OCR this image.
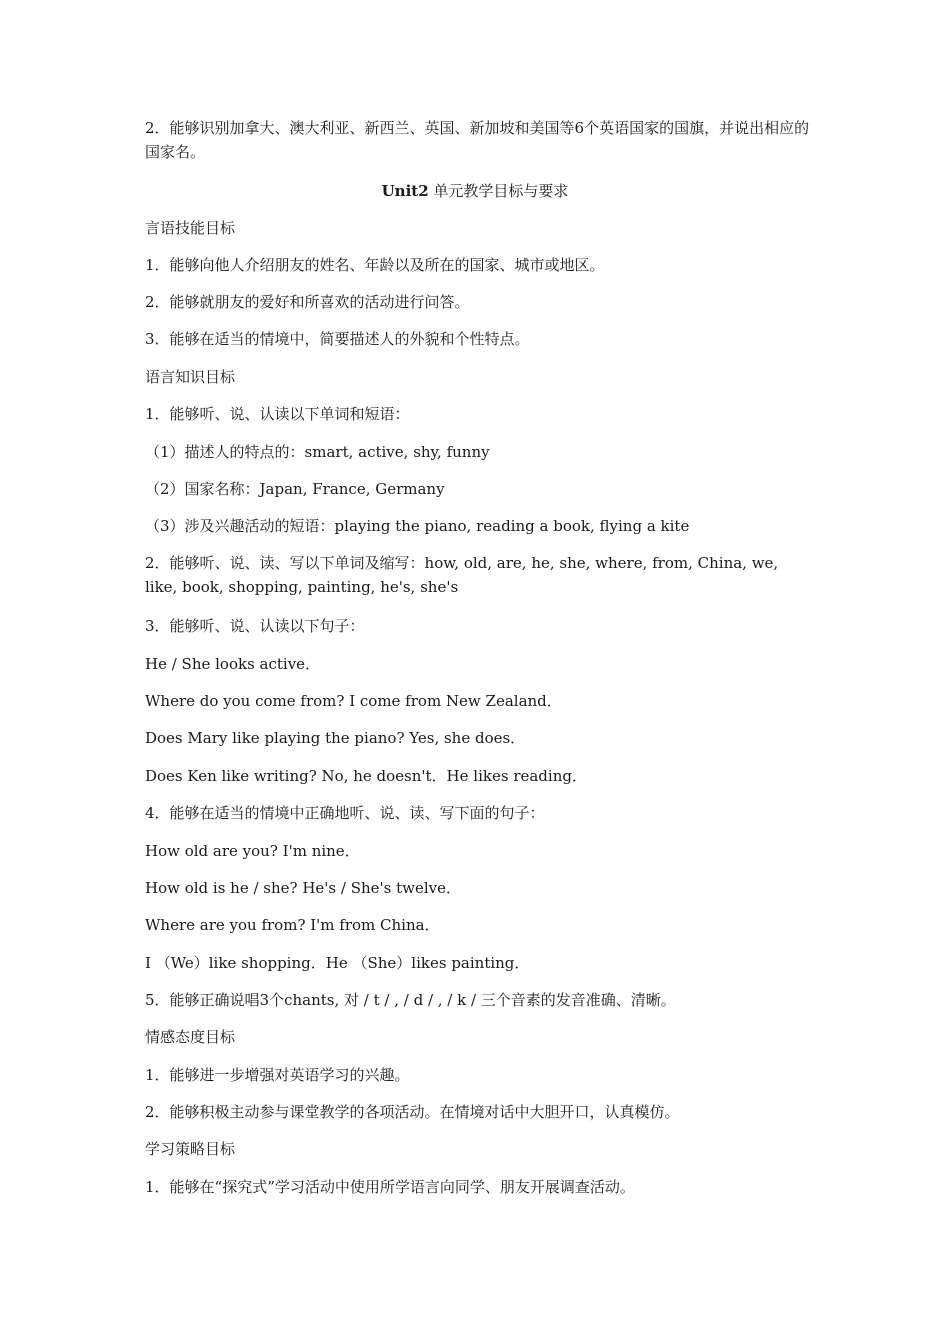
2．能够识别加拿大、澳大利亚、新西兰、英国、新加坡和美国等6个英语国家的国旗，并说出相应的国家名。
Unit2 单元教学目标与要求
言语技能目标
1．能够向他人介绍朋友的姓名、年龄以及所在的国家、城市或地区。
2．能够就朋友的爱好和所喜欢的活动进行问答。
3．能够在适当的情境中，简要描述人的外貌和个性特点。
语言知识目标
1．能够听、说、认读以下单词和短语：
（1）描述人的特点的：smart, active, shy, funny
（2）国家名称：Japan, France, Germany
（3）涉及兴趣活动的短语：playing the piano, reading a book, flying a kite
2．能够听、说、读、写以下单词及缩写：how, old, are, he, she, where, from, China, we, like, book, shopping, painting, he's, she's
3．能够听、说、认读以下句子：
He / She looks active．
Where do you come from? I come from New Zealand．
Does Mary like playing the piano? Yes, she does．
Does Ken like writing? No, he doesn't．He likes reading．
4．能够在适当的情境中正确地听、说、读、写下面的句子：
How old are you? I'm nine．
How old is he / she? He's / She's twelve．
Where are you from? I'm from China．
I （We）like shopping．He （She）likes painting．
5．能够正确说唱3个chants, 对 / t / , / d / , / k / 三个音素的发音准确、清晰。
情感态度目标
1．能够进一步增强对英语学习的兴趣。
2．能够积极主动参与课堂教学的各项活动。在情境对话中大胆开口，认真模仿。
学习策略目标
1．能够在“探究式”学习活动中使用所学语言向同学、朋友开展调查活动。
